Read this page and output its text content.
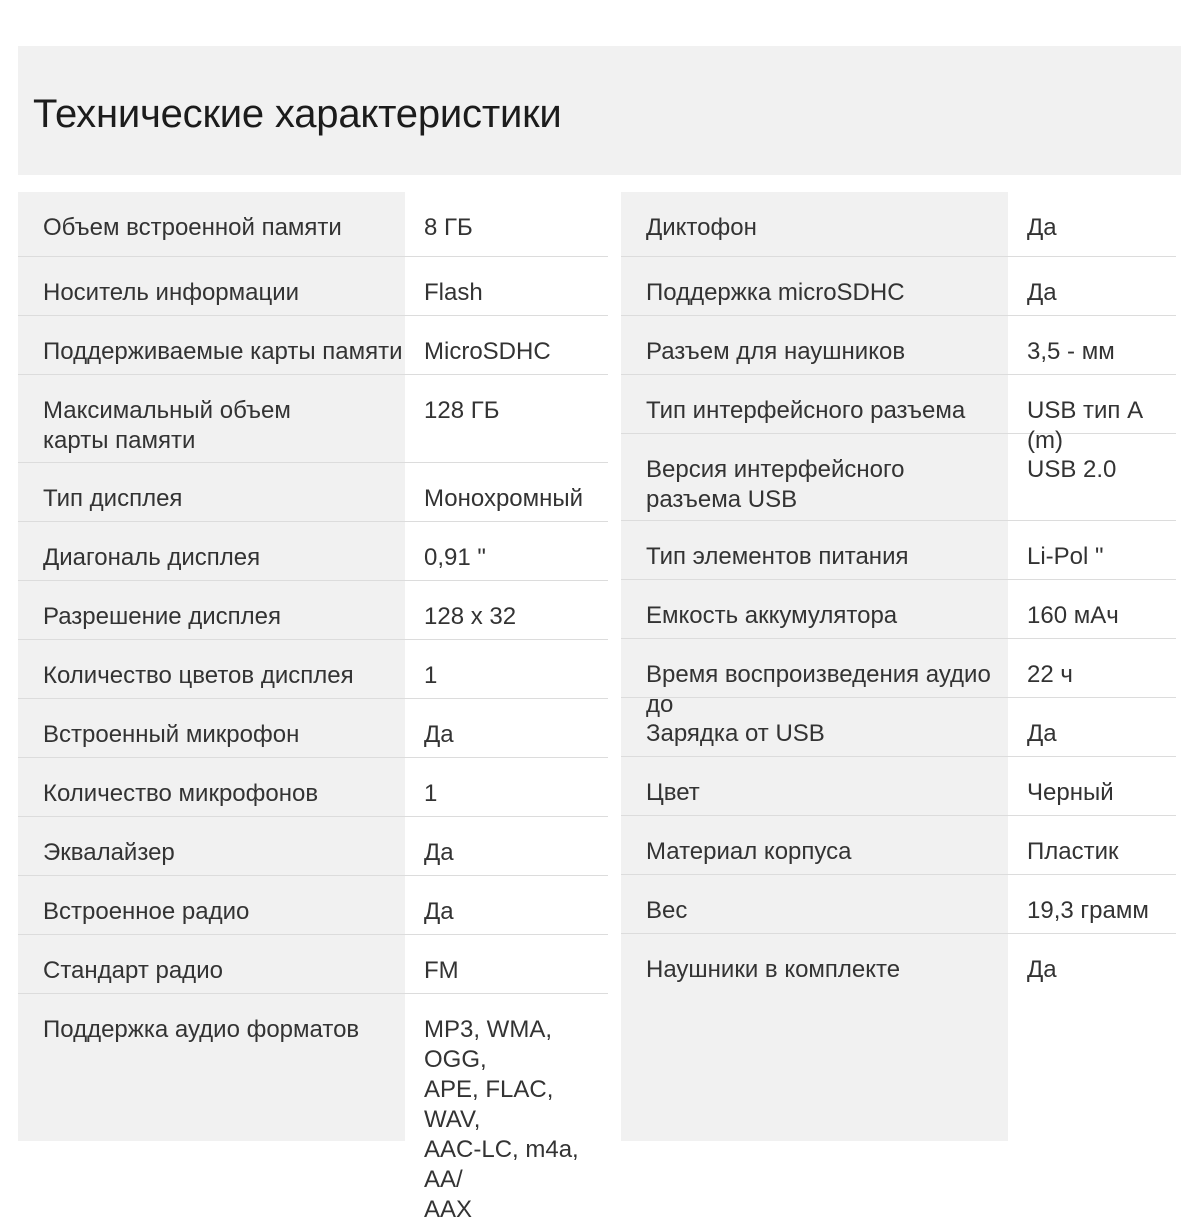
Технические характеристики
Объем встроенной памяти
Носитель информации
Поддерживаемые карты памяти
Максимальный объем
карты памяти
Тип дисплея
Диагональ дисплея
Разрешение дисплея
Количество цветов дисплея
Встроенный микрофон
Количество микрофонов
Эквалайзер
Встроенное радио
Стандарт радио
Поддержка аудио форматов
8 ГБ
Flash
MicroSDHC
128 ГБ
Монохромный
0,91 "
128 x 32
1
Да
1
Да
Да
FM
MP3, WMA, OGG,
APE, FLAC, WAV,
AAC-LC, m4a, AA/
AAX
Диктофон
Поддержка microSDHC
Разъем для наушников
Тип интерфейсного разъема
Версия интерфейсного
разъема USB
Тип элементов питания
Емкость аккумулятора
Время воспроизведения аудио до
Зарядка от USB
Цвет
Материал корпуса
Вес
Наушники в комплекте
Да
Да
3,5 - мм
USB тип A (m)
USB 2.0
Li-Pol "
160 мАч
22 ч
Да
Черный
Пластик
19,3 грамм
Да
